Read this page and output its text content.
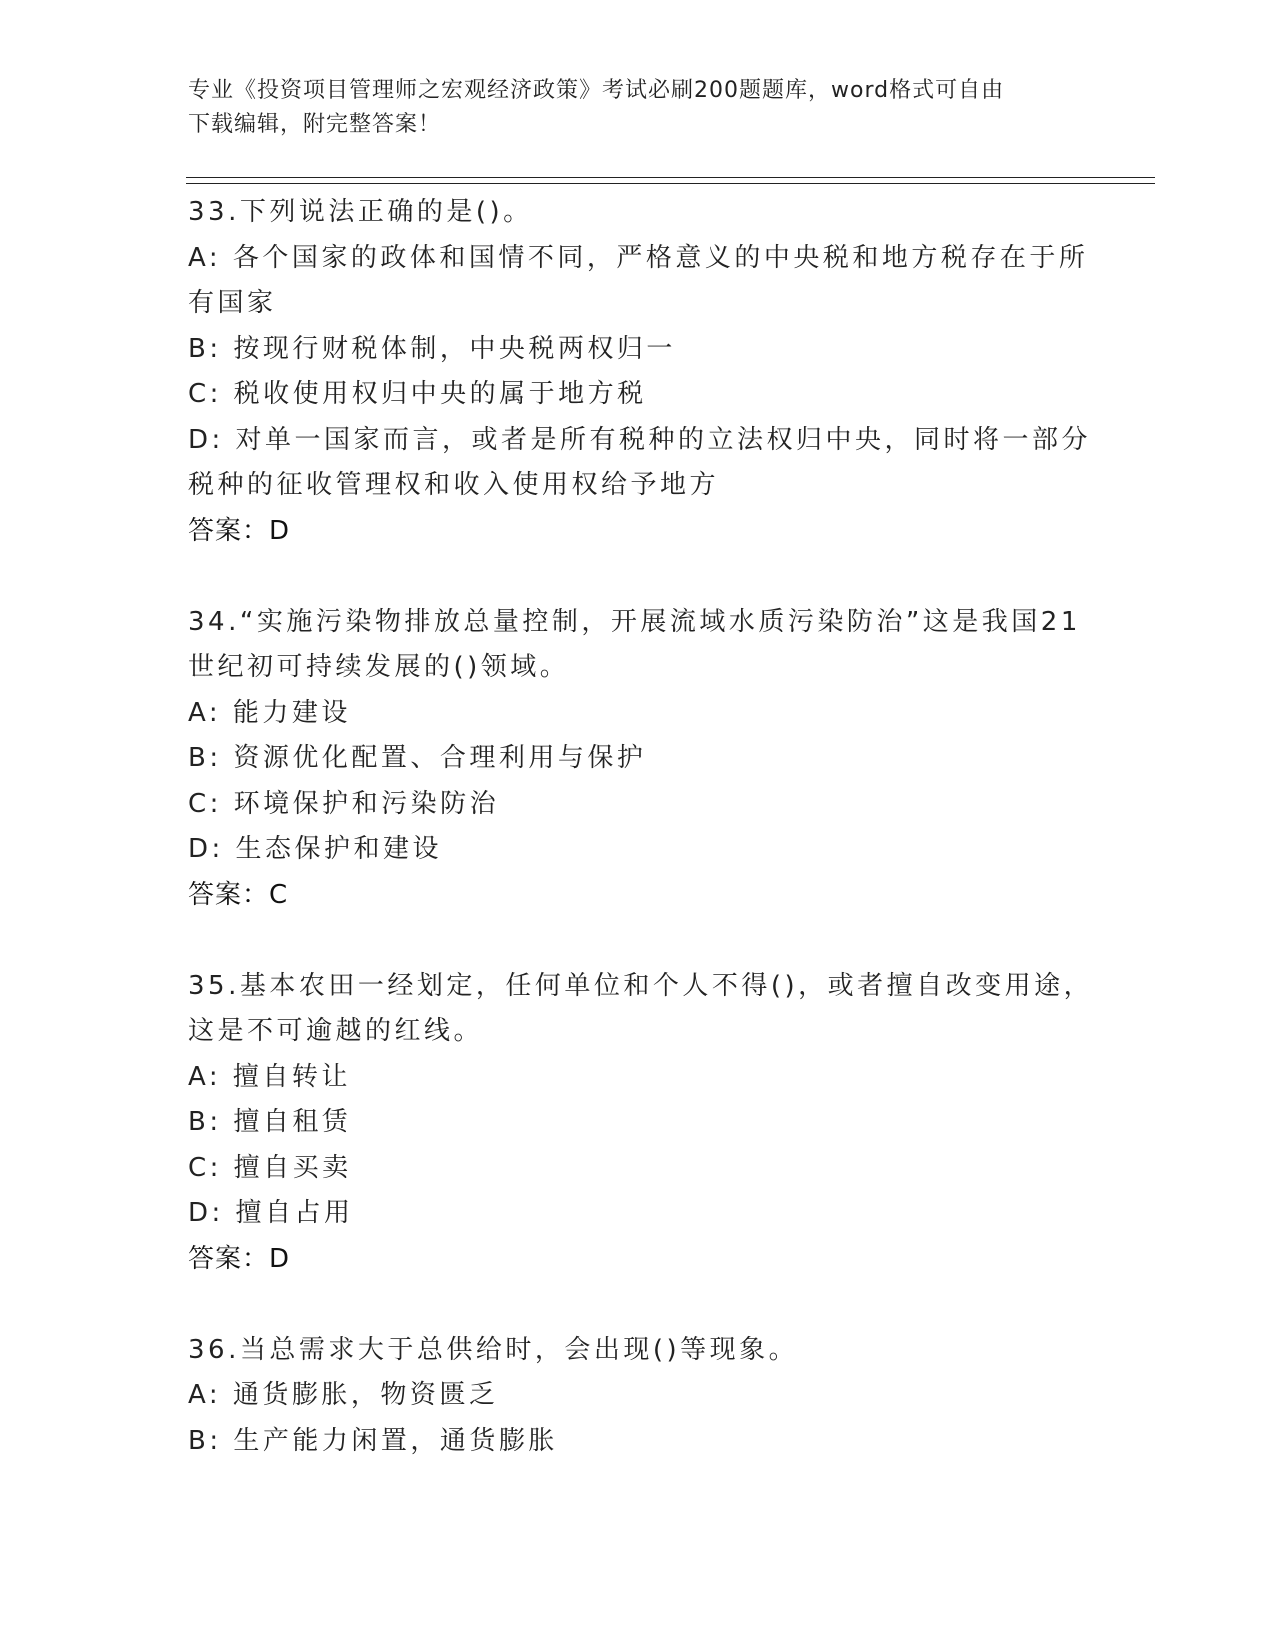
专业《投资项目管理师之宏观经济政策》考试必刷200题题库，word格式可自由
下载编辑，附完整答案！
33.下列说法正确的是()。
A: 各个国家的政体和国情不同，严格意义的中央税和地方税存在于所
有国家
B: 按现行财税体制，中央税两权归一
C: 税收使用权归中央的属于地方税
D: 对单一国家而言，或者是所有税种的立法权归中央，同时将一部分
税种的征收管理权和收入使用权给予地方
答案：D
34.“实施污染物排放总量控制，开展流域水质污染防治”这是我国21
世纪初可持续发展的()领域。
A: 能力建设
B: 资源优化配置、合理利用与保护
C: 环境保护和污染防治
D: 生态保护和建设
答案：C
35.基本农田一经划定，任何单位和个人不得()，或者擅自改变用途，
这是不可逾越的红线。
A: 擅自转让
B: 擅自租赁
C: 擅自买卖
D: 擅自占用
答案：D
36.当总需求大于总供给时，会出现()等现象。
A: 通货膨胀，物资匮乏
B: 生产能力闲置，通货膨胀
